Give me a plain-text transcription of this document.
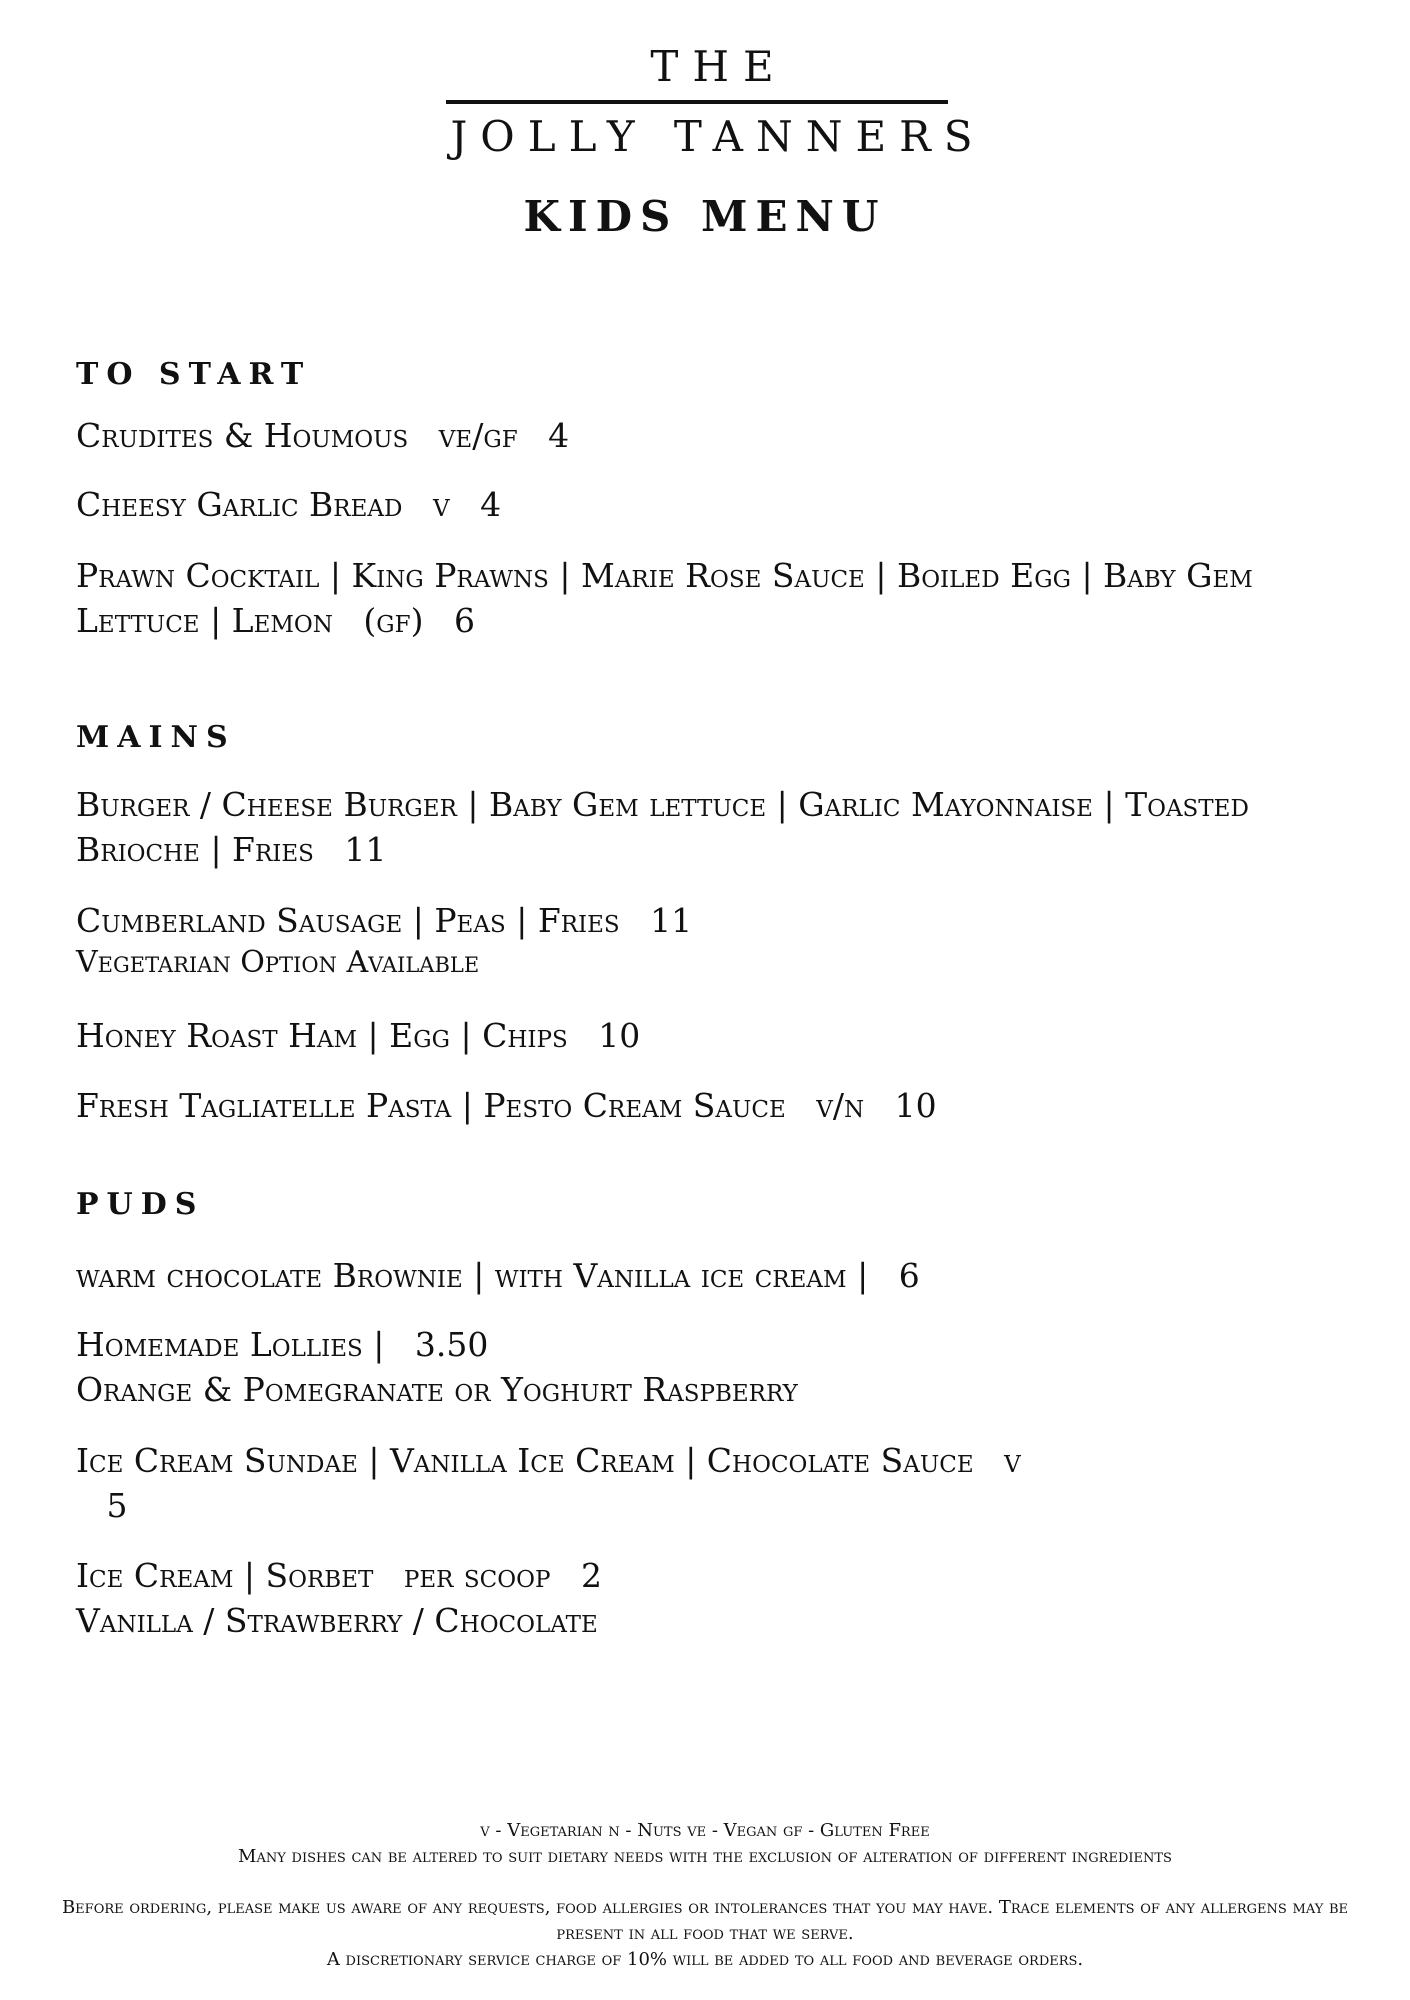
THE
JOLLY TANNERS
KIDS MENU
TO START

Crudites & Houmous ve/gf 4

Cheesy Garlic Bread v 4

Prawn Cocktail | King Prawns | Marie Rose Sauce | Boiled Egg | Baby Gem Lettuce | Lemon (gf) 6

MAINS

Burger / Cheese Burger | Baby Gem lettuce | Garlic Mayonnaise | Toasted Brioche | Fries 11

Cumberland Sausage | Peas | Fries 11
Vegetarian Option Available

Honey Roast Ham | Egg | Chips 10

Fresh Tagliatelle Pasta | Pesto Cream Sauce v/n 10

PUDS

warm chocolate Brownie | with Vanilla ice cream | 6

Homemade Lollies | 3.50
Orange & Pomegranate or Yoghurt Raspberry

Ice Cream Sundae | Vanilla Ice Cream | Chocolate Sauce v 5

Ice Cream | Sorbet per scoop 2
Vanilla / Strawberry / Chocolate

v - Vegetarian n - Nuts ve - Vegan gf - Gluten Free
Many dishes can be altered to suit dietary needs with the exclusion of alteration of different ingredients
Before ordering, please make us aware of any requests, food allergies or intolerances that you may have. Trace elements of any allergens may be present in all food that we serve.
A discretionary service charge of 10% will be added to all food and beverage orders.
